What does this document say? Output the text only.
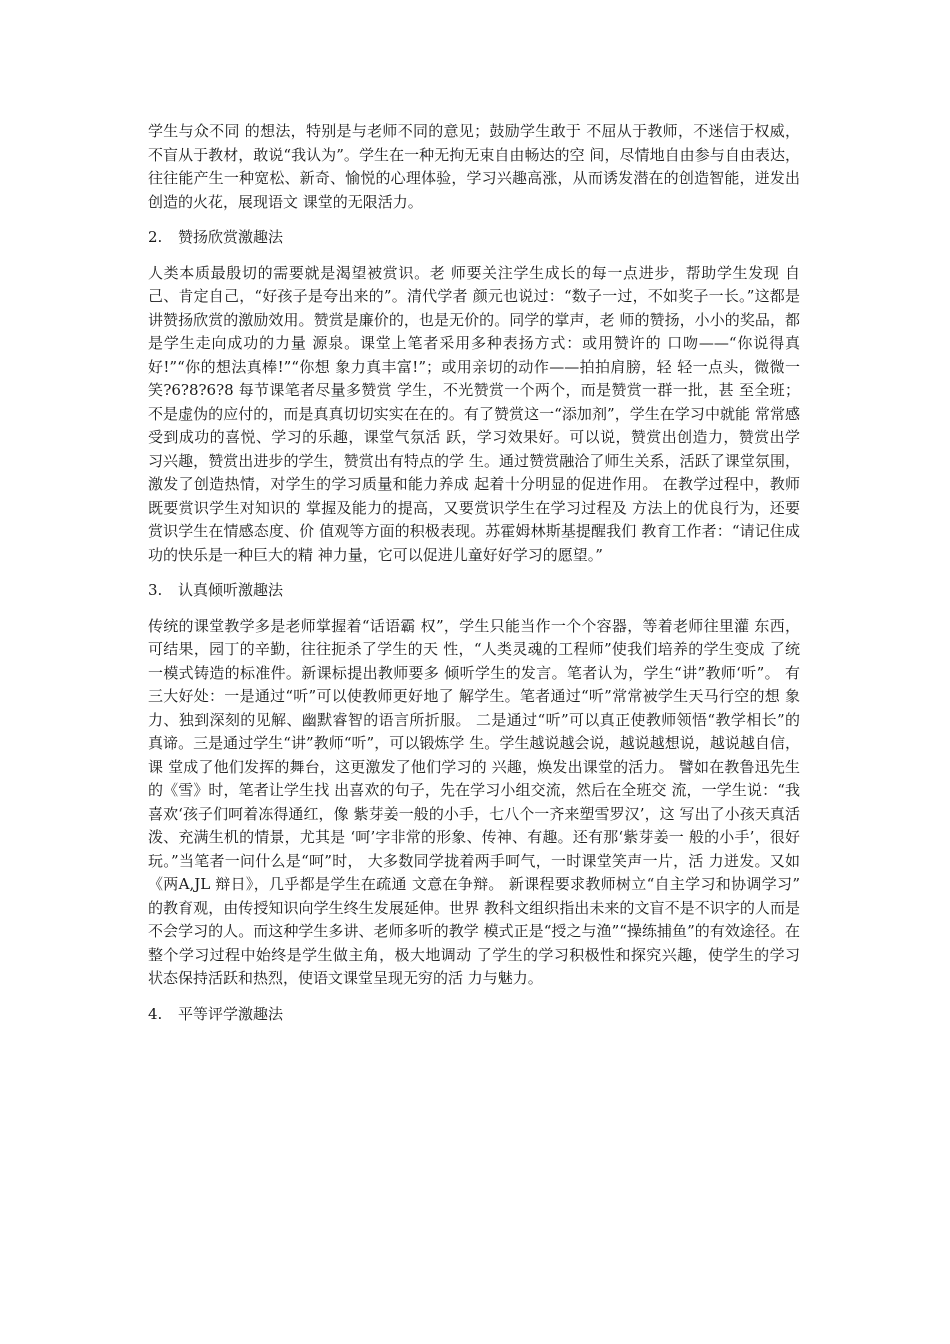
学生与众不同 的想法，特别是与老师不同的意见；鼓励学生敢于 不屈从于教师，不迷信于权威，不盲从于教材，敢说“我认为”。学生在一种无拘无束自由畅达的空 间，尽情地自由参与自由表达，往往能产生一种宽松、新奇、愉悦的心理体验，学习兴趣高涨，从而诱发潜在的创造智能，迸发出创造的火花，展现语文 课堂的无限活力。

2. 赞扬欣赏激趣法

人类本质最殷切的需要就是渴望被赏识。老 师要关注学生成长的每一点进步，帮助学生发现 自己、肯定自己，“好孩子是夸出来的”。清代学者 颜元也说过：“数子一过，不如奖子一长。”这都是 讲赞扬欣赏的激励效用。赞赏是廉价的，也是无价的。同学的掌声，老 师的赞扬，小小的奖品，都是学生走向成功的力量 源泉。课堂上笔者采用多种表扬方式：或用赞许的 口吻——“你说得真好!”“你的想法真棒!”“你想 象力真丰富!”；或用亲切的动作——拍拍肩膀，轻 轻一点头，微微一笑?6?8?6?8 每节课笔者尽量多赞赏 学生，不光赞赏一个两个，而是赞赏一群一批，甚 至全班；不是虚伪的应付的，而是真真切切实实在在的。有了赞赏这一“添加剂”，学生在学习中就能 常常感受到成功的喜悦、学习的乐趣，课堂气氛活 跃，学习效果好。可以说，赞赏出创造力，赞赏出学 习兴趣，赞赏出进步的学生，赞赏出有特点的学 生。通过赞赏融洽了师生关系，活跃了课堂氛围，激发了创造热情，对学生的学习质量和能力养成 起着十分明显的促进作用。 在教学过程中，教师既要赏识学生对知识的 掌握及能力的提高，又要赏识学生在学习过程及 方法上的优良行为，还要赏识学生在情感态度、价 值观等方面的积极表现。苏霍姆林斯基提醒我们 教育工作者：“请记住成功的快乐是一种巨大的精 神力量，它可以促进儿童好好学习的愿望。”

3. 认真倾听激趣法

传统的课堂教学多是老师掌握着“话语霸 权”，学生只能当作一个个容器，等着老师往里灌 东西，可结果，园丁的辛勤，往往扼杀了学生的天 性，“人类灵魂的工程师”使我们培养的学生变成 了统一模式铸造的标准件。新课标提出教师要多 倾听学生的发言。笔者认为，学生“讲”教师‘听”。 有三大好处：一是通过“听”可以使教师更好地了 解学生。笔者通过“听”常常被学生天马行空的想 象力、独到深刻的见解、幽默睿智的语言所折服。 二是通过“听”可以真正使教师领悟“教学相长”的 真谛。三是通过学生“讲”教师“听”，可以锻炼学 生。学生越说越会说，越说越想说，越说越自信，课 堂成了他们发挥的舞台，这更激发了他们学习的 兴趣，焕发出课堂的活力。 譬如在教鲁迅先生的《雪》时，笔者让学生找 出喜欢的句子，先在学习小组交流，然后在全班交 流，一学生说：“我喜欢‘孩子们呵着冻得通红，像 紫芽姜一般的小手，七八个一齐来塑雪罗汉’，这 写出了小孩天真活泼、充满生机的情景，尤其是 ‘呵’字非常的形象、传神、有趣。还有那‘紫芽姜一 般的小手’，很好玩。”当笔者一问什么是“呵”时， 大多数同学拢着两手呵气，一时课堂笑声一片，活 力迸发。又如《两A,JL 辩日》，几乎都是学生在疏通 文意在争辩。 新课程要求教师树立“自主学习和协调学习” 的教育观，由传授知识向学生终生发展延伸。世界 教科文组织指出未来的文盲不是不识字的人而是 不会学习的人。而这种学生多讲、老师多听的教学 模式正是“授之与渔”“操练捕鱼”的有效途径。在 整个学习过程中始终是学生做主角，极大地调动 了学生的学习积极性和探究兴趣，使学生的学习 状态保持活跃和热烈，使语文课堂呈现无穷的活 力与魅力。

4. 平等评学激趣法
